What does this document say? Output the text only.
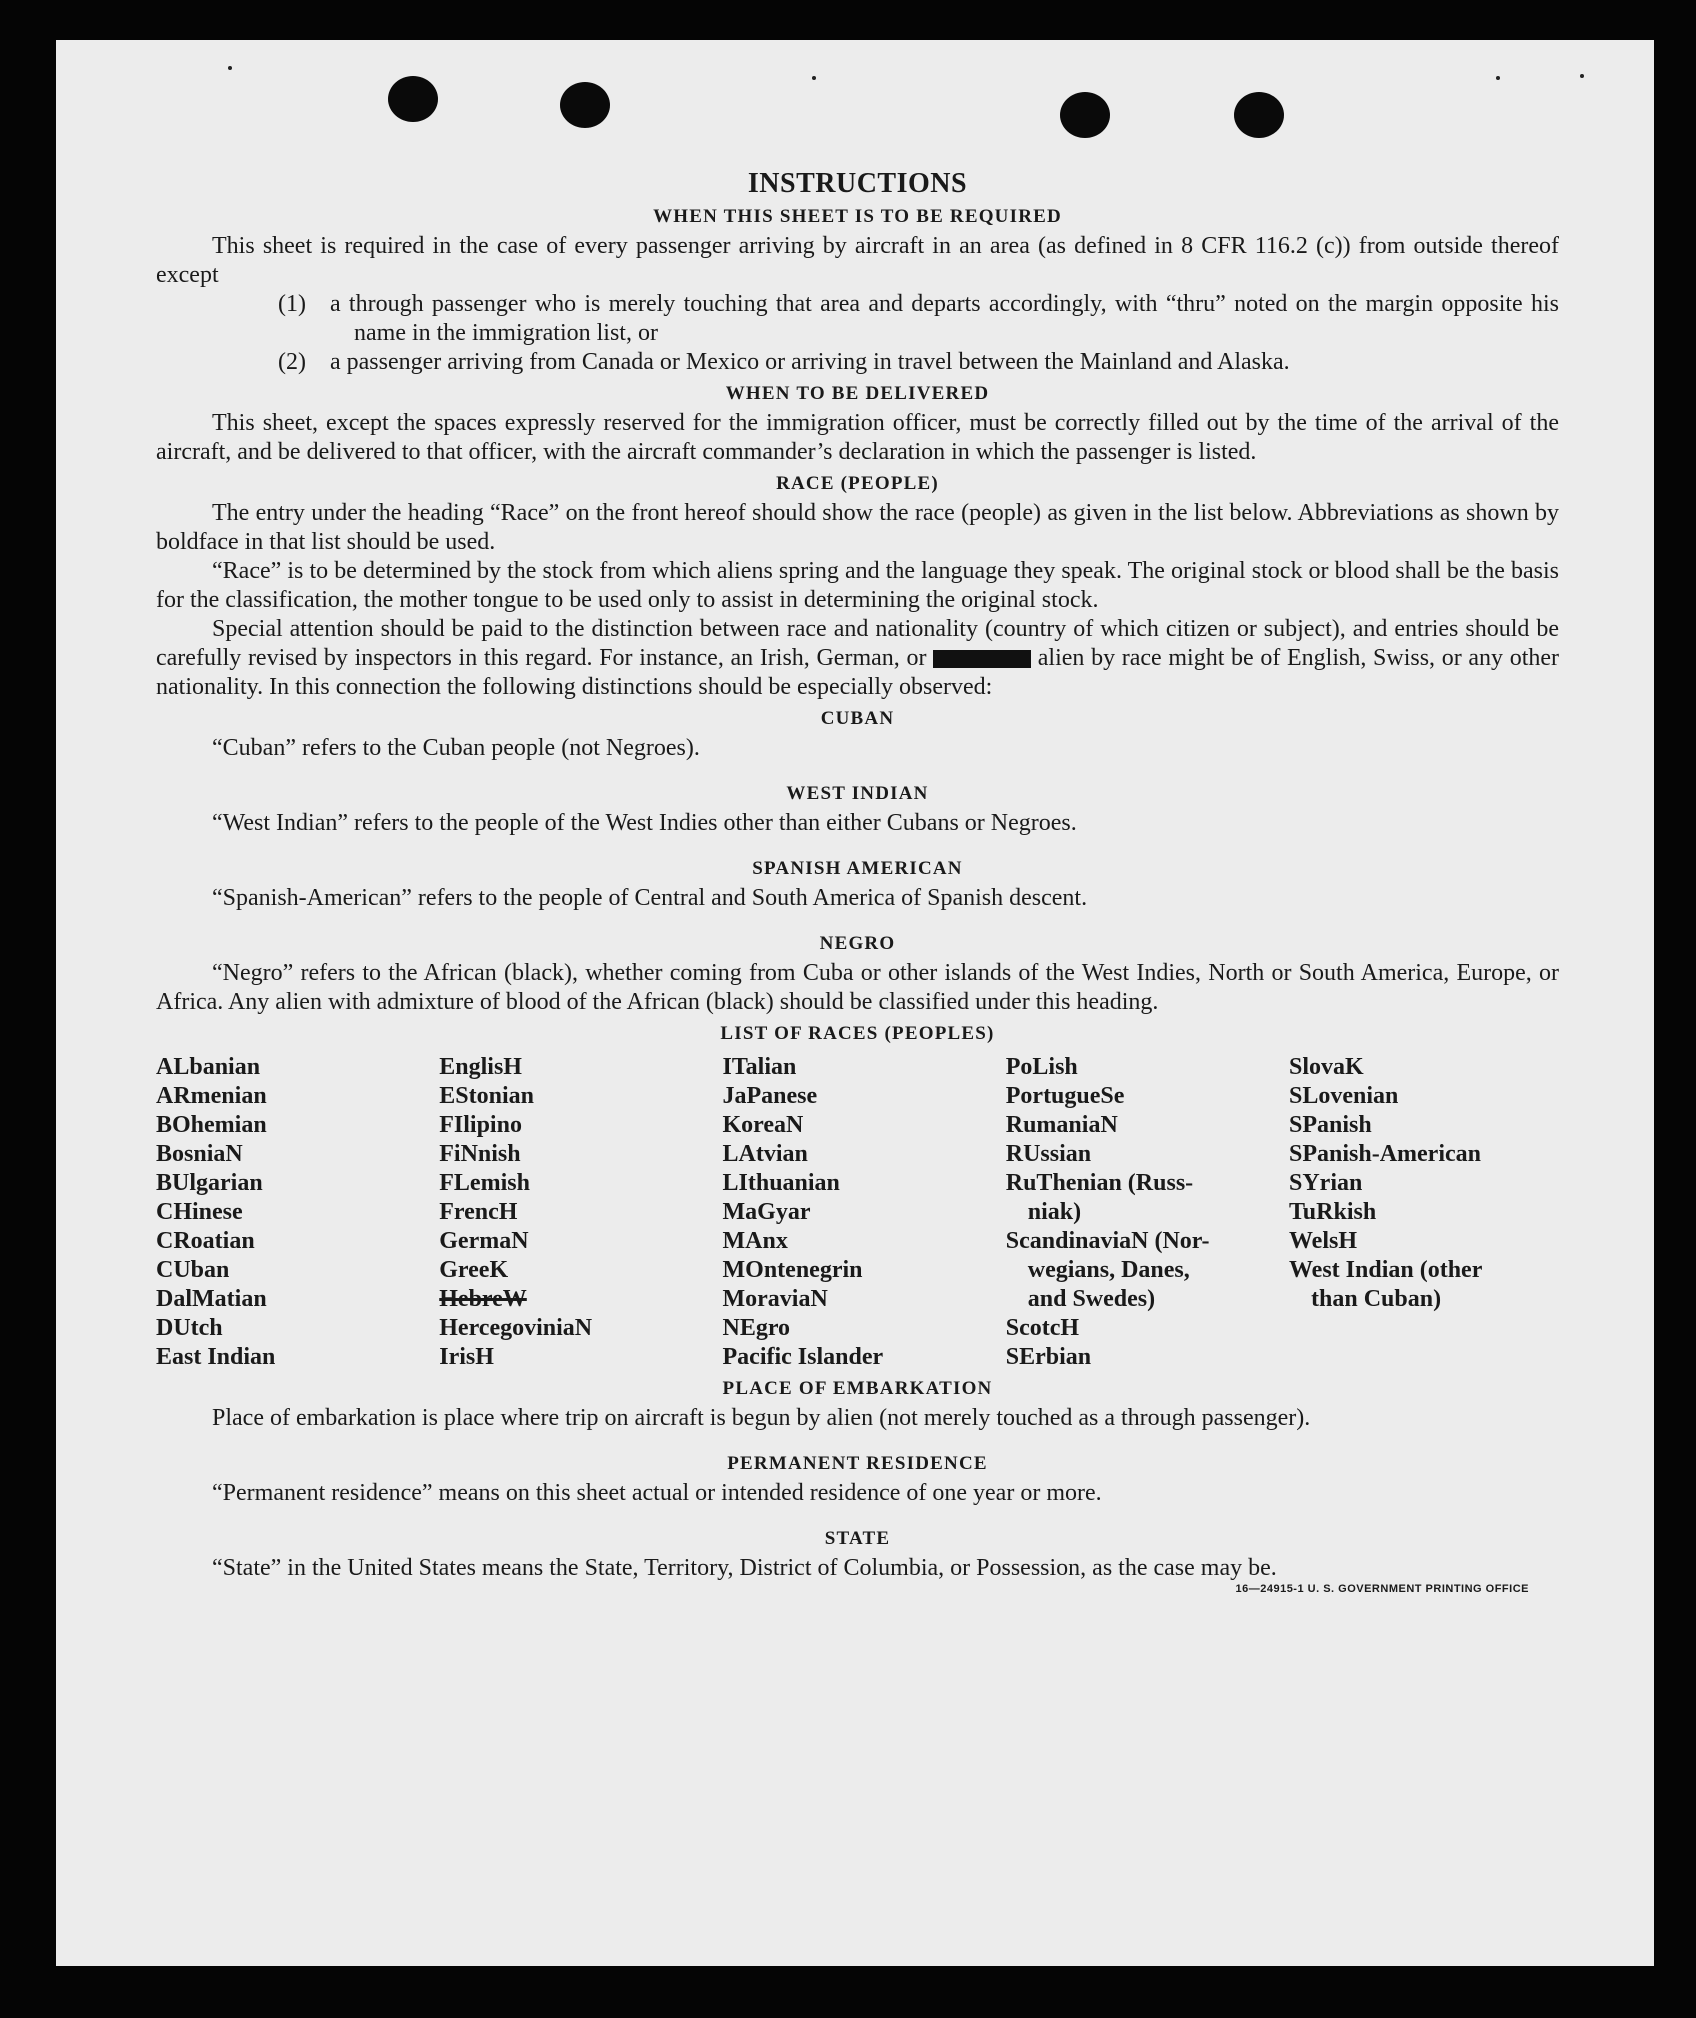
INSTRUCTIONS
WHEN THIS SHEET IS TO BE REQUIRED

This sheet is required in the case of every passenger arriving by aircraft in an area (as defined in 8 CFR 116.2 (c)) from outside thereof except

(1) a through passenger who is merely touching that area and departs accordingly, with “thru” noted on the margin opposite his name in the immigration list, or
(2) a passenger arriving from Canada or Mexico or arriving in travel between the Mainland and Alaska.
WHEN TO BE DELIVERED

This sheet, except the spaces expressly reserved for the immigration officer, must be correctly filled out by the time of the arrival of the aircraft, and be delivered to that officer, with the aircraft commander’s declaration in which the passenger is listed.

RACE (PEOPLE)

The entry under the heading “Race” on the front hereof should show the race (people) as given in the list below. Abbreviations as shown by boldface in that list should be used.

“Race” is to be determined by the stock from which aliens spring and the language they speak. The original stock or blood shall be the basis for the classification, the mother tongue to be used only to assist in determining the original stock.

Special attention should be paid to the distinction between race and nationality (country of which citizen or subject), and entries should be carefully revised by inspectors in this regard. For instance, an Irish, German, or	alien by race might be of English, Swiss, or any other nationality. In this connection the following distinctions should be especially observed:

CUBAN

“Cuban” refers to the Cuban people (not Negroes).

WEST INDIAN

“West Indian” refers to the people of the West Indies other than either Cubans or Negroes.

SPANISH AMERICAN

“Spanish-American” refers to the people of Central and South America of Spanish descent.

NEGRO

“Negro” refers to the African (black), whether coming from Cuba or other islands of the West Indies, North or South America, Europe, or Africa. Any alien with admixture of blood of the African (black) should be classified under this heading.

LIST OF RACES (PEOPLES)
ALbanian
ARmenian
BOhemian
BosniaN
BUlgarian
CHinese
CRoatian
CUban
DalMatian
DUtch
East Indian
EnglisH
EStonian
FIlipino
FiNnish
FLemish
FrencH
GermaN
GreeK
HebreW
HercegoviniaN
IrisH
ITalian
JaPanese
KoreaN
LAtvian
LIthuanian
MaGyar
MAnx
MOntenegrin
MoraviaN
NEgro
Pacific Islander
PoLish
PortugueSe
RumaniaN
RUssian
RuThenian (Russ-
niak)
ScandinaviaN (Nor-
wegians, Danes,
and Swedes)
ScotcH
SErbian
SlovaK
SLovenian
SPanish
SPanish-American
SYrian
TuRkish
WelsH
West Indian (other
than Cuban)
PLACE OF EMBARKATION

Place of embarkation is place where trip on aircraft is begun by alien (not merely touched as a through passenger).

PERMANENT RESIDENCE

“Permanent residence” means on this sheet actual or intended residence of one year or more.

STATE

“State” in the United States means the State, Territory, District of Columbia, or Possession, as the case may be.

16—24915-1 U. S. GOVERNMENT PRINTING OFFICE
